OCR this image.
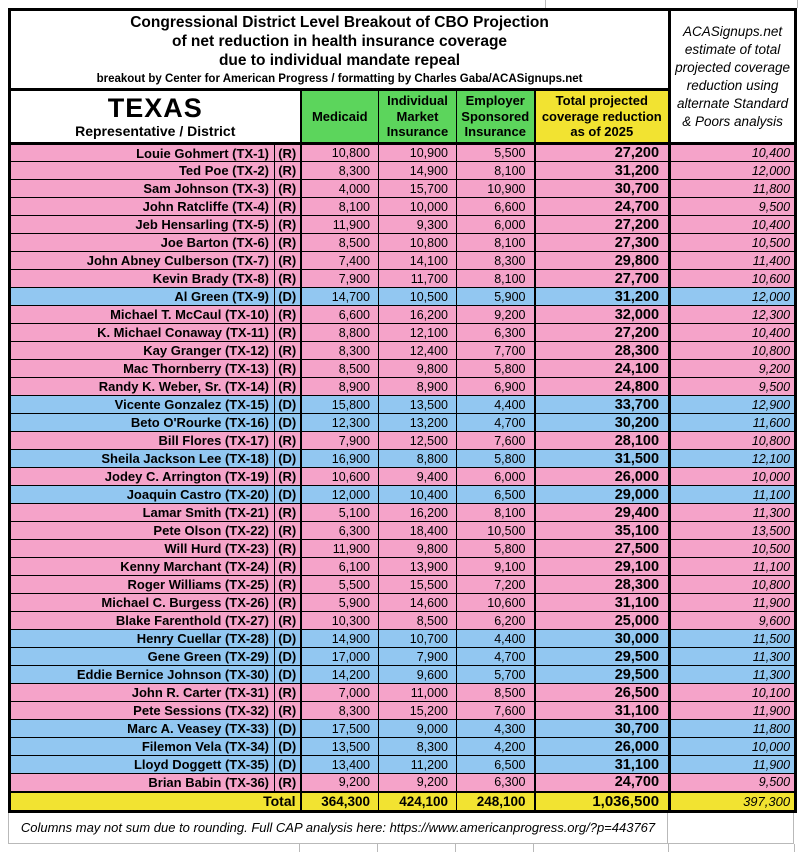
Congressional District Level Breakout of CBO Projection
of net reduction in health insurance coverage
due to individual mandate repeal
breakout by Center for American Progress / formatting by Charles Gaba/ACASignups.net						ACASignups.net estimate of total projected coverage reduction using alternate Standard & Poors analysis

TEXAS
Representative / District		Medicaid	Individual Market Insurance	Employer Sponsored Insurance	Total projected coverage reduction as of 2025	
Louie Gohmert (TX-1)	(R)	10,800	10,900	5,500	27,200	10,400
Ted Poe (TX-2)	(R)	8,300	14,900	8,100	31,200	12,000
Sam Johnson (TX-3)	(R)	4,000	15,700	10,900	30,700	11,800
John Ratcliffe (TX-4)	(R)	8,100	10,000	6,600	24,700	9,500
Jeb Hensarling (TX-5)	(R)	11,900	9,300	6,000	27,200	10,400
Joe Barton (TX-6)	(R)	8,500	10,800	8,100	27,300	10,500
John Abney Culberson (TX-7)	(R)	7,400	14,100	8,300	29,800	11,400
Kevin Brady (TX-8)	(R)	7,900	11,700	8,100	27,700	10,600
Al Green (TX-9)	(D)	14,700	10,500	5,900	31,200	12,000
Michael T. McCaul (TX-10)	(R)	6,600	16,200	9,200	32,000	12,300
K. Michael Conaway (TX-11)	(R)	8,800	12,100	6,300	27,200	10,400
Kay Granger (TX-12)	(R)	8,300	12,400	7,700	28,300	10,800
Mac Thornberry (TX-13)	(R)	8,500	9,800	5,800	24,100	9,200
Randy K. Weber, Sr. (TX-14)	(R)	8,900	8,900	6,900	24,800	9,500
Vicente Gonzalez (TX-15)	(D)	15,800	13,500	4,400	33,700	12,900
Beto O'Rourke (TX-16)	(D)	12,300	13,200	4,700	30,200	11,600
Bill Flores (TX-17)	(R)	7,900	12,500	7,600	28,100	10,800
Sheila Jackson Lee (TX-18)	(D)	16,900	8,800	5,800	31,500	12,100
Jodey C. Arrington (TX-19)	(R)	10,600	9,400	6,000	26,000	10,000
Joaquin Castro (TX-20)	(D)	12,000	10,400	6,500	29,000	11,100
Lamar Smith (TX-21)	(R)	5,100	16,200	8,100	29,400	11,300
Pete Olson (TX-22)	(R)	6,300	18,400	10,500	35,100	13,500
Will Hurd (TX-23)	(R)	11,900	9,800	5,800	27,500	10,500
Kenny Marchant (TX-24)	(R)	6,100	13,900	9,100	29,100	11,100
Roger Williams (TX-25)	(R)	5,500	15,500	7,200	28,300	10,800
Michael C. Burgess (TX-26)	(R)	5,900	14,600	10,600	31,100	11,900
Blake Farenthold (TX-27)	(R)	10,300	8,500	6,200	25,000	9,600
Henry Cuellar (TX-28)	(D)	14,900	10,700	4,400	30,000	11,500
Gene Green (TX-29)	(D)	17,000	7,900	4,700	29,500	11,300
Eddie Bernice Johnson (TX-30)	(D)	14,200	9,600	5,700	29,500	11,300
John R. Carter (TX-31)	(R)	7,000	11,000	8,500	26,500	10,100
Pete Sessions (TX-32)	(R)	8,300	15,200	7,600	31,100	11,900
Marc A. Veasey (TX-33)	(D)	17,500	9,000	4,300	30,700	11,800
Filemon Vela (TX-34)	(D)	13,500	8,300	4,200	26,000	10,000
Lloyd Doggett (TX-35)	(D)	13,400	11,200	6,500	31,100	11,900
Brian Babin (TX-36)	(R)	9,200	9,200	6,300	24,700	9,500
Total		364,300	424,100	248,100	1,036,500	397,300
Columns may not sum due to rounding. Full CAP analysis here: https://www.americanprogress.org/?p=443767
